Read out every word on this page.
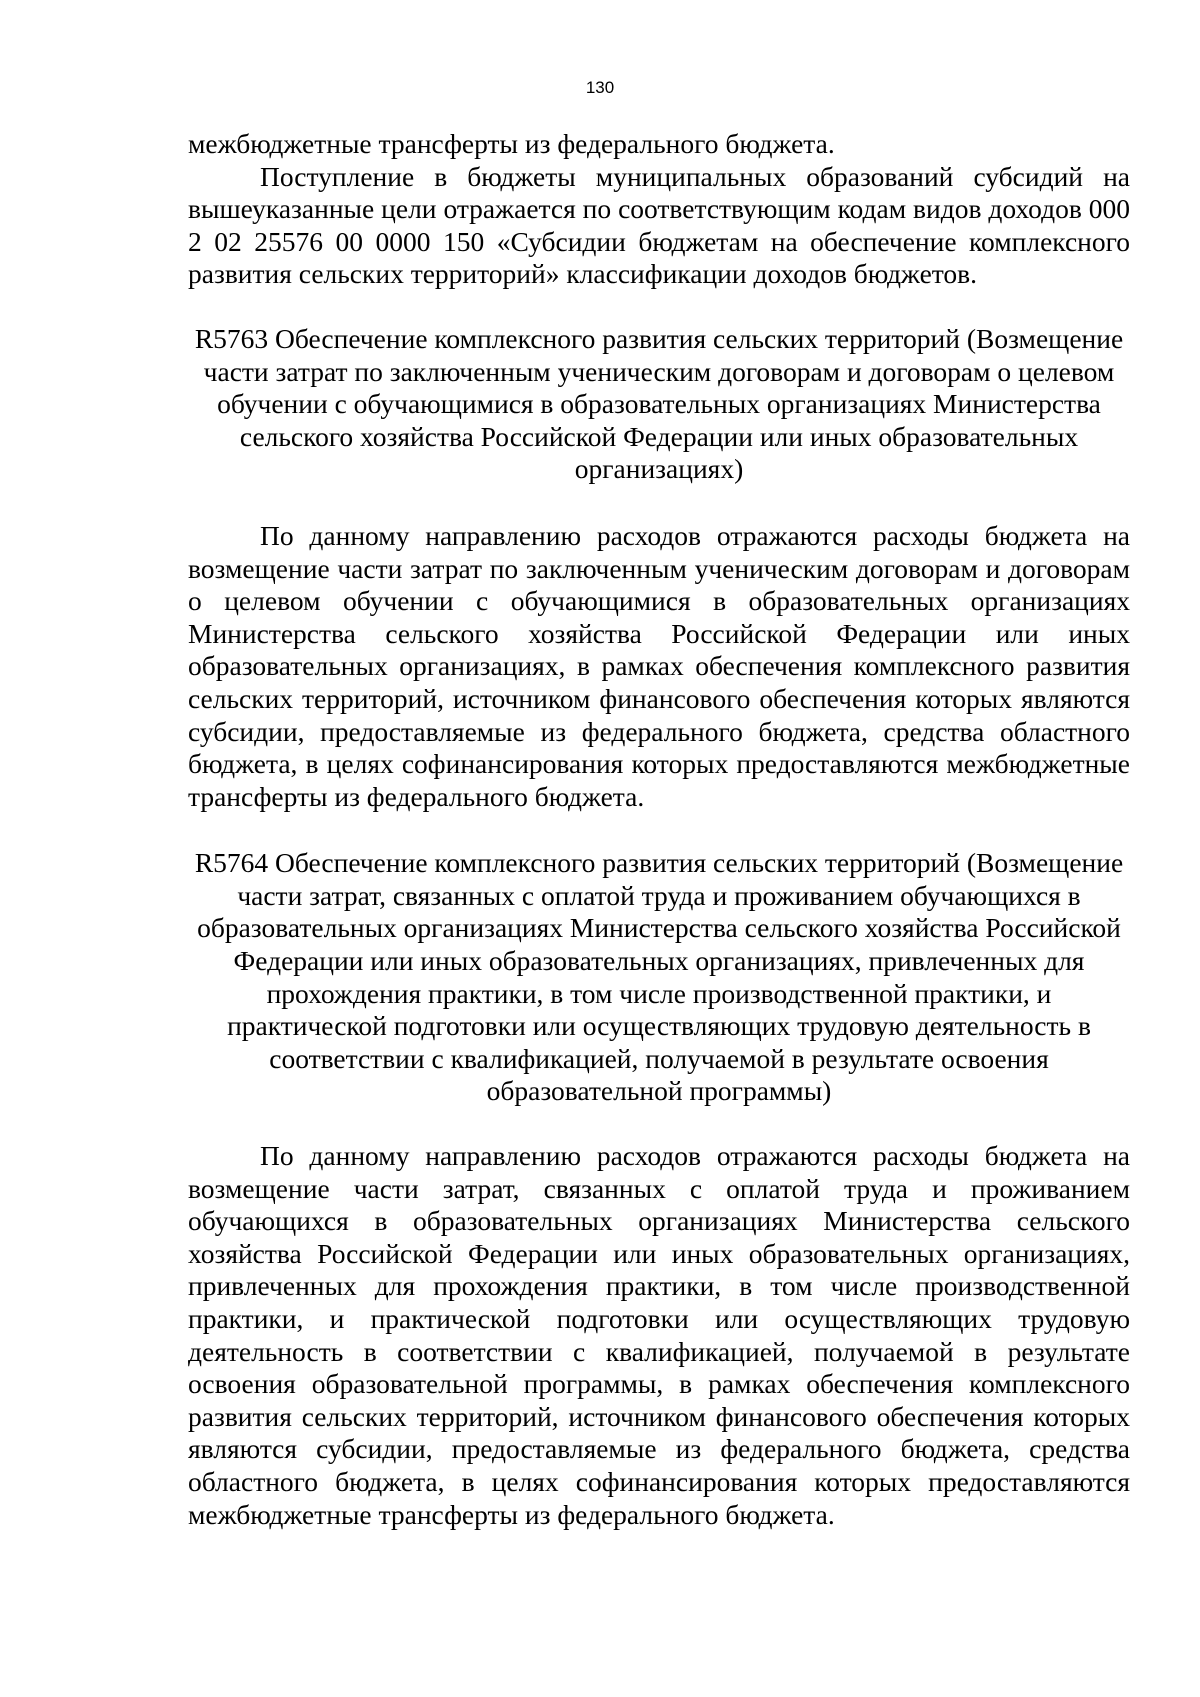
130

межбюджетные трансферты из федерального бюджета.

Поступление в бюджеты муниципальных образований субсидий на вышеуказанные цели отражается по соответствующим кодам видов доходов 000 2 02 25576 00 0000 150 «Субсидии бюджетам на обеспечение комплексного развития сельских территорий» классификации доходов бюджетов.

R5763 Обеспечение комплексного развития сельских территорий (Возмещение части затрат по заключенным ученическим договорам и договорам о целевом обучении с обучающимися в образовательных организациях Министерства сельского хозяйства Российской Федерации или иных образовательных организациях)

По данному направлению расходов отражаются расходы бюджета на возмещение части затрат по заключенным ученическим договорам и договорам о целевом обучении с обучающимися в образовательных организациях Министерства сельского хозяйства Российской Федерации или иных образовательных организациях, в рамках обеспечения комплексного развития сельских территорий, источником финансового обеспечения которых являются субсидии, предоставляемые из федерального бюджета, средства областного бюджета, в целях софинансирования которых предоставляются межбюджетные трансферты из федерального бюджета.

R5764 Обеспечение комплексного развития сельских территорий (Возмещение части затрат, связанных с оплатой труда и проживанием обучающихся в образовательных организациях Министерства сельского хозяйства Российской Федерации или иных образовательных организациях, привлеченных для прохождения практики, в том числе производственной практики, и практической подготовки или осуществляющих трудовую деятельность в соответствии с квалификацией, получаемой в результате освоения образовательной программы)

По данному направлению расходов отражаются расходы бюджета на возмещение части затрат, связанных с оплатой труда и проживанием обучающихся в образовательных организациях Министерства сельского хозяйства Российской Федерации или иных образовательных организациях, привлеченных для прохождения практики, в том числе производственной практики, и практической подготовки или осуществляющих трудовую деятельность в соответствии с квалификацией, получаемой в результате освоения образовательной программы, в рамках обеспечения комплексного развития сельских территорий, источником финансового обеспечения которых являются субсидии, предоставляемые из федерального бюджета, средства областного бюджета, в целях софинансирования которых предоставляются межбюджетные трансферты из федерального бюджета.
